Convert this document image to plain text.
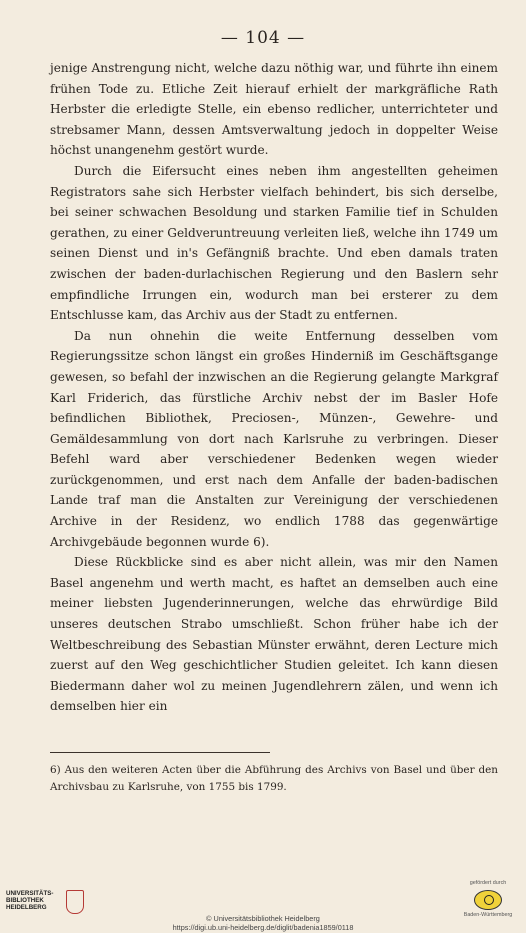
— 104 —

jenige Anstrengung nicht, welche dazu nöthig war, und führte ihn einem frühen Tode zu. Etliche Zeit hierauf erhielt der markgräfliche Rath Herbster die erledigte Stelle, ein ebenso redlicher, unterrichteter und strebsamer Mann, dessen Amtsverwaltung jedoch in doppelter Weise höchst unangenehm gestört wurde.

Durch die Eifersucht eines neben ihm angestellten geheimen Registrators sahe sich Herbster vielfach behindert, bis sich derselbe, bei seiner schwachen Besoldung und starken Familie tief in Schulden gerathen, zu einer Geldveruntreuung verleiten ließ, welche ihn 1749 um seinen Dienst und in's Gefängniß brachte. Und eben damals traten zwischen der baden-durlachischen Regierung und den Baslern sehr empfindliche Irrungen ein, wodurch man bei ersterer zu dem Entschlusse kam, das Archiv aus der Stadt zu entfernen.

Da nun ohnehin die weite Entfernung desselben vom Regierungssitze schon längst ein großes Hinderniß im Geschäftsgange gewesen, so befahl der inzwischen an die Regierung gelangte Markgraf Karl Friderich, das fürstliche Archiv nebst der im Basler Hofe befindlichen Bibliothek, Preciosen-, Münzen-, Gewehre- und Gemäldesammlung von dort nach Karlsruhe zu verbringen. Dieser Befehl ward aber verschiedener Bedenken wegen wieder zurückgenommen, und erst nach dem Anfalle der baden-badischen Lande traf man die Anstalten zur Vereinigung der verschiedenen Archive in der Residenz, wo endlich 1788 das gegenwärtige Archivgebäude begonnen wurde 6).

Diese Rückblicke sind es aber nicht allein, was mir den Namen Basel angenehm und werth macht, es haftet an demselben auch eine meiner liebsten Jugenderinnerungen, welche das ehrwürdige Bild unseres deutschen Strabo umschließt. Schon früher habe ich der Weltbeschreibung des Sebastian Münster erwähnt, deren Lecture mich zuerst auf den Weg geschichtlicher Studien geleitet. Ich kann diesen Biedermann daher wol zu meinen Jugendlehrern zälen, und wenn ich demselben hier ein

6) Aus den weiteren Acten über die Abführung des Archivs von Basel und über den Archivsbau zu Karlsruhe, von 1755 bis 1799.
UNIVERSITÄTS-
BIBLIOTHEK
HEIDELBERG
© Universitätsbibliothek Heidelberg
https://digi.ub.uni-heidelberg.de/diglit/badenia1859/0118
gefördert durch
Baden-Württemberg
